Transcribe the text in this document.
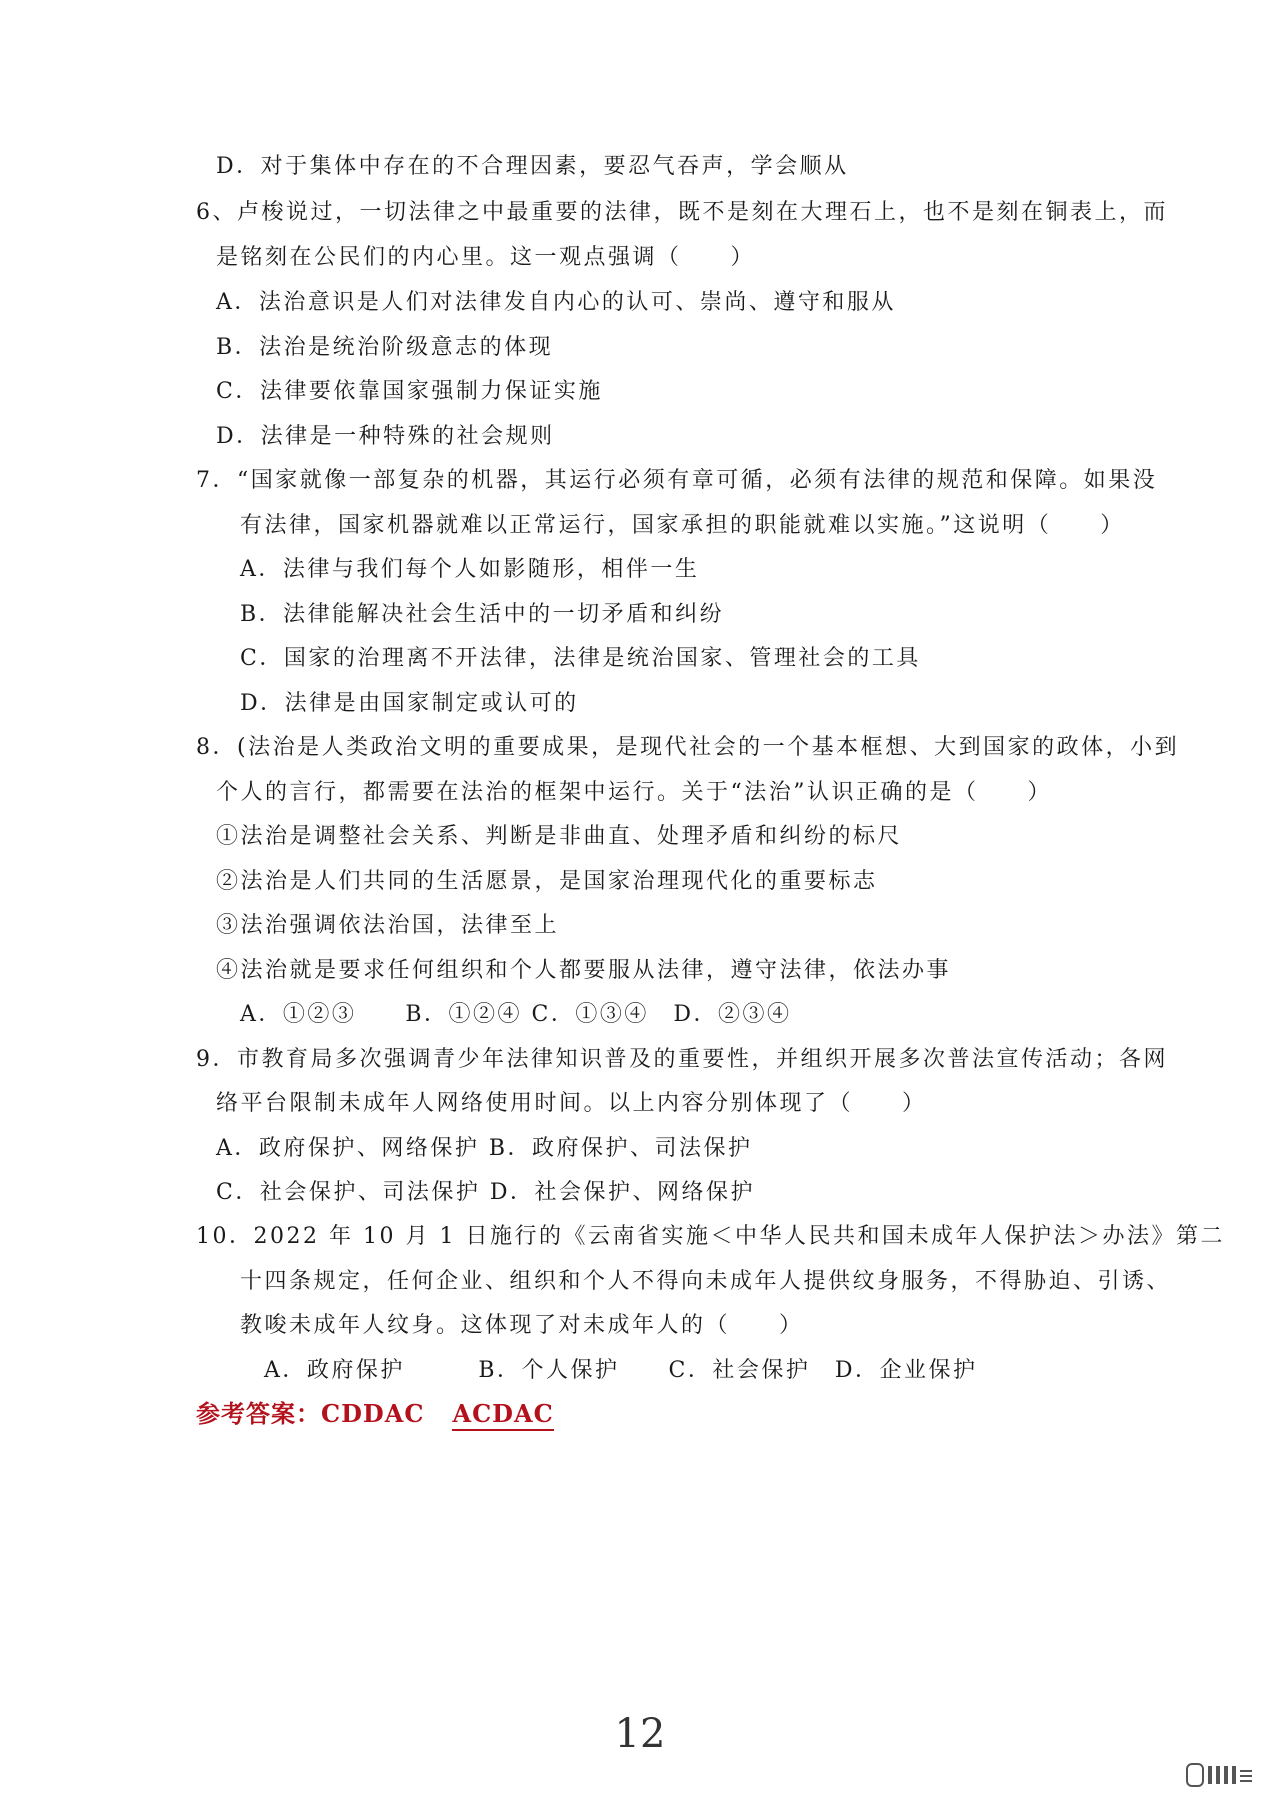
D．对于集体中存在的不合理因素，要忍气吞声，学会顺从
6、卢梭说过，一切法律之中最重要的法律，既不是刻在大理石上，也不是刻在铜表上，而
是铭刻在公民们的内心里。这一观点强调（　　）
A．法治意识是人们对法律发自内心的认可、崇尚、遵守和服从
B．法治是统治阶级意志的体现
C．法律要依靠国家强制力保证实施
D．法律是一种特殊的社会规则
7．“国家就像一部复杂的机器，其运行必须有章可循，必须有法律的规范和保障。如果没
有法律，国家机器就难以正常运行，国家承担的职能就难以实施。”这说明（　　）
A．法律与我们每个人如影随形，相伴一生
B．法律能解决社会生活中的一切矛盾和纠纷
C．国家的治理离不开法律，法律是统治国家、管理社会的工具
D．法律是由国家制定或认可的
8．(法治是人类政治文明的重要成果，是现代社会的一个基本框想、大到国家的政体，小到
个人的言行，都需要在法治的框架中运行。关于“法治”认识正确的是（　　）
①法治是调整社会关系、判断是非曲直、处理矛盾和纠纷的标尺
②法治是人们共同的生活愿景，是国家治理现代化的重要标志
③法治强调依法治国，法律至上
④法治就是要求任何组织和个人都要服从法律，遵守法律，依法办事
A．①②③　　B．①②④ C．①③④　D．②③④
9．市教育局多次强调青少年法律知识普及的重要性，并组织开展多次普法宣传活动；各网
络平台限制未成年人网络使用时间。以上内容分别体现了（　　）
A．政府保护、网络保护 B．政府保护、司法保护
C．社会保护、司法保护 D．社会保护、网络保护
10．2022 年 10 月 1 日施行的《云南省实施＜中华人民共和国未成年人保护法＞办法》第二
十四条规定，任何企业、组织和个人不得向未成年人提供纹身服务，不得胁迫、引诱、
教唆未成年人纹身。这体现了对未成年人的（　　）
A．政府保护　　　B．个人保护　　C．社会保护　D．企业保护
参考答案：CDDAC ACDAC
12
